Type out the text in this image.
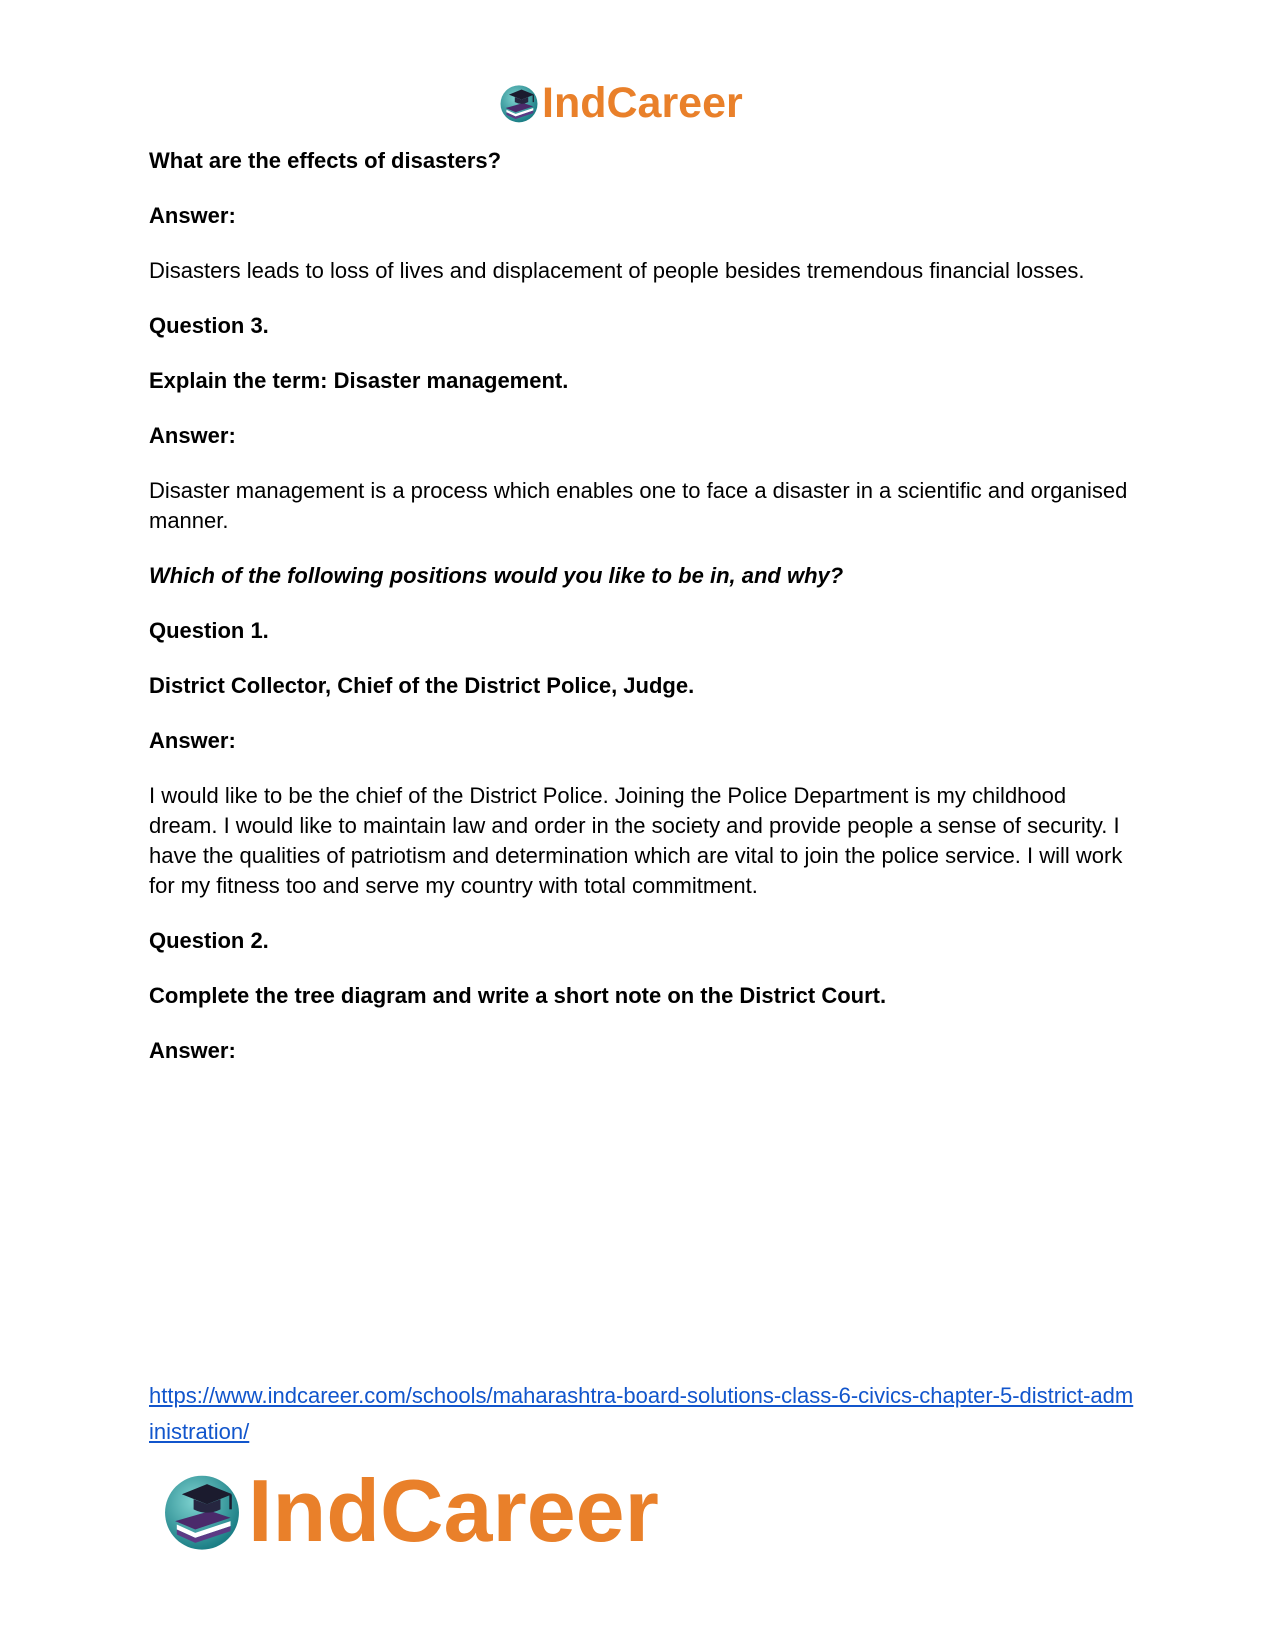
IndCareer

What are the effects of disasters?

Answer:

Disasters leads to loss of lives and displacement of people besides tremendous financial losses.

Question 3.

Explain the term: Disaster management.

Answer:

Disaster management is a process which enables one to face a disaster in a scientific and organised manner.

Which of the following positions would you like to be in, and why?

Question 1.

District Collector, Chief of the District Police, Judge.

Answer:

I would like to be the chief of the District Police. Joining the Police Department is my childhood dream. I would like to maintain law and order in the society and provide people a sense of security. I have the qualities of patriotism and determination which are vital to join the police service. I will work for my fitness too and serve my country with total commitment.

Question 2.

Complete the tree diagram and write a short note on the District Court.

Answer:

https://www.indcareer.com/schools/maharashtra-board-solutions-class-6-civics-chapter-5-district-administration/
IndCareer
